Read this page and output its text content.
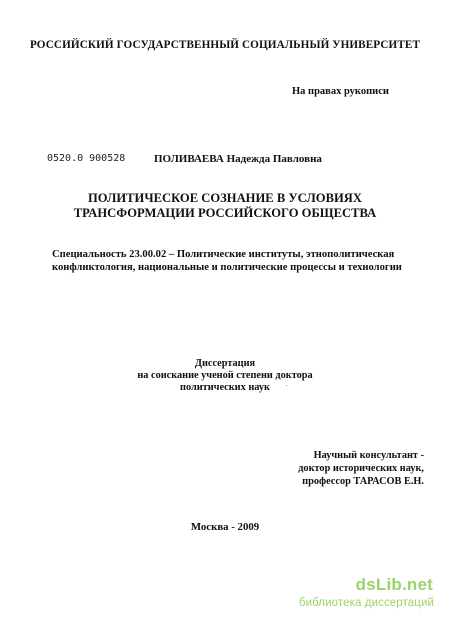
РОССИЙСКИЙ ГОСУДАРСТВЕННЫЙ СОЦИАЛЬНЫЙ УНИВЕРСИТЕТ
На правах рукописи
0520.0 900528	ПОЛИВАЕВА Надежда Павловна
ПОЛИТИЧЕСКОЕ СОЗНАНИЕ В УСЛОВИЯХ
ТРАНСФОРМАЦИИ РОССИЙСКОГО ОБЩЕСТВА
Специальность 23.00.02 – Политические институты, этнополитическая
конфликтология, национальные и политические процессы и технологии
Диссертация
на соискание ученой степени доктора
политических наук
Научный консультант -
доктор исторических наук,
профессор ТАРАСОВ Е.Н.
Москва - 2009
dsLib.net
библиотека диссертаций
